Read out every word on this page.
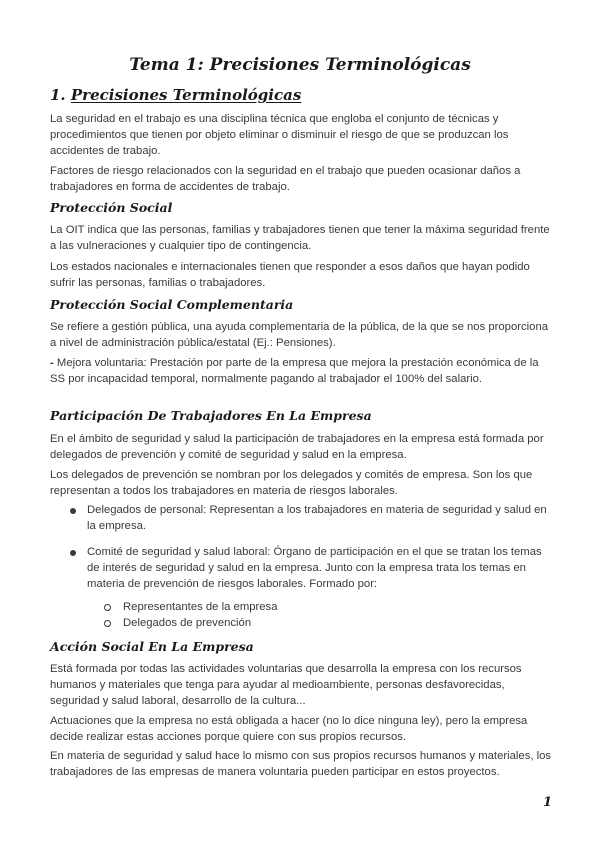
Tema 1: Precisiones Terminológicas
1. Precisiones Terminológicas
La seguridad en el trabajo es una disciplina técnica que engloba el conjunto de técnicas y procedimientos que tienen por objeto eliminar o disminuir el riesgo de que se produzcan los accidentes de trabajo.
Factores de riesgo relacionados con la seguridad en el trabajo que pueden ocasionar daños a trabajadores en forma de accidentes de trabajo.
Protección Social
La OIT indica que las personas, familias y trabajadores tienen que tener la máxima seguridad frente a las vulneraciones y cualquier tipo de contingencia.
Los estados nacionales e internacionales tienen que responder a esos daños que hayan podido sufrir las personas, familias o trabajadores.
Protección Social Complementaria
Se refiere a gestión pública, una ayuda complementaria de la pública, de la que se nos proporciona a nivel de administración pública/estatal (Ej.: Pensiones).
- Mejora voluntaria: Prestación por parte de la empresa que mejora la prestación económica de la SS por incapacidad temporal, normalmente pagando al trabajador el 100% del salario.
Participación De Trabajadores En La Empresa
En el ámbito de seguridad y salud la participación de trabajadores en la empresa está formada por delegados de prevención y comité de seguridad y salud en la empresa.
Los delegados de prevención se nombran por los delegados y comités de empresa. Son los que representan a todos los trabajadores en materia de riesgos laborales.
Delegados de personal: Representan a los trabajadores en materia de seguridad y salud en la empresa.
Comité de seguridad y salud laboral: Órgano de participación en el que se tratan los temas de interés de seguridad y salud en la empresa. Junto con la empresa trata los temas en materia de prevención de riesgos laborales. Formado por:
Representantes de la empresa
Delegados de prevención
Acción Social En La Empresa
Está formada por todas las actividades voluntarias que desarrolla la empresa con los recursos humanos y materiales que tenga para ayudar al medioambiente, personas desfavorecidas, seguridad y salud laboral, desarrollo de la cultura...
Actuaciones que la empresa no está obligada a hacer (no lo dice ninguna ley), pero la empresa decide realizar estas acciones porque quiere con sus propios recursos.
En materia de seguridad y salud hace lo mismo con sus propios recursos humanos y materiales, los trabajadores de las empresas de manera voluntaria pueden participar en estos proyectos.
1
